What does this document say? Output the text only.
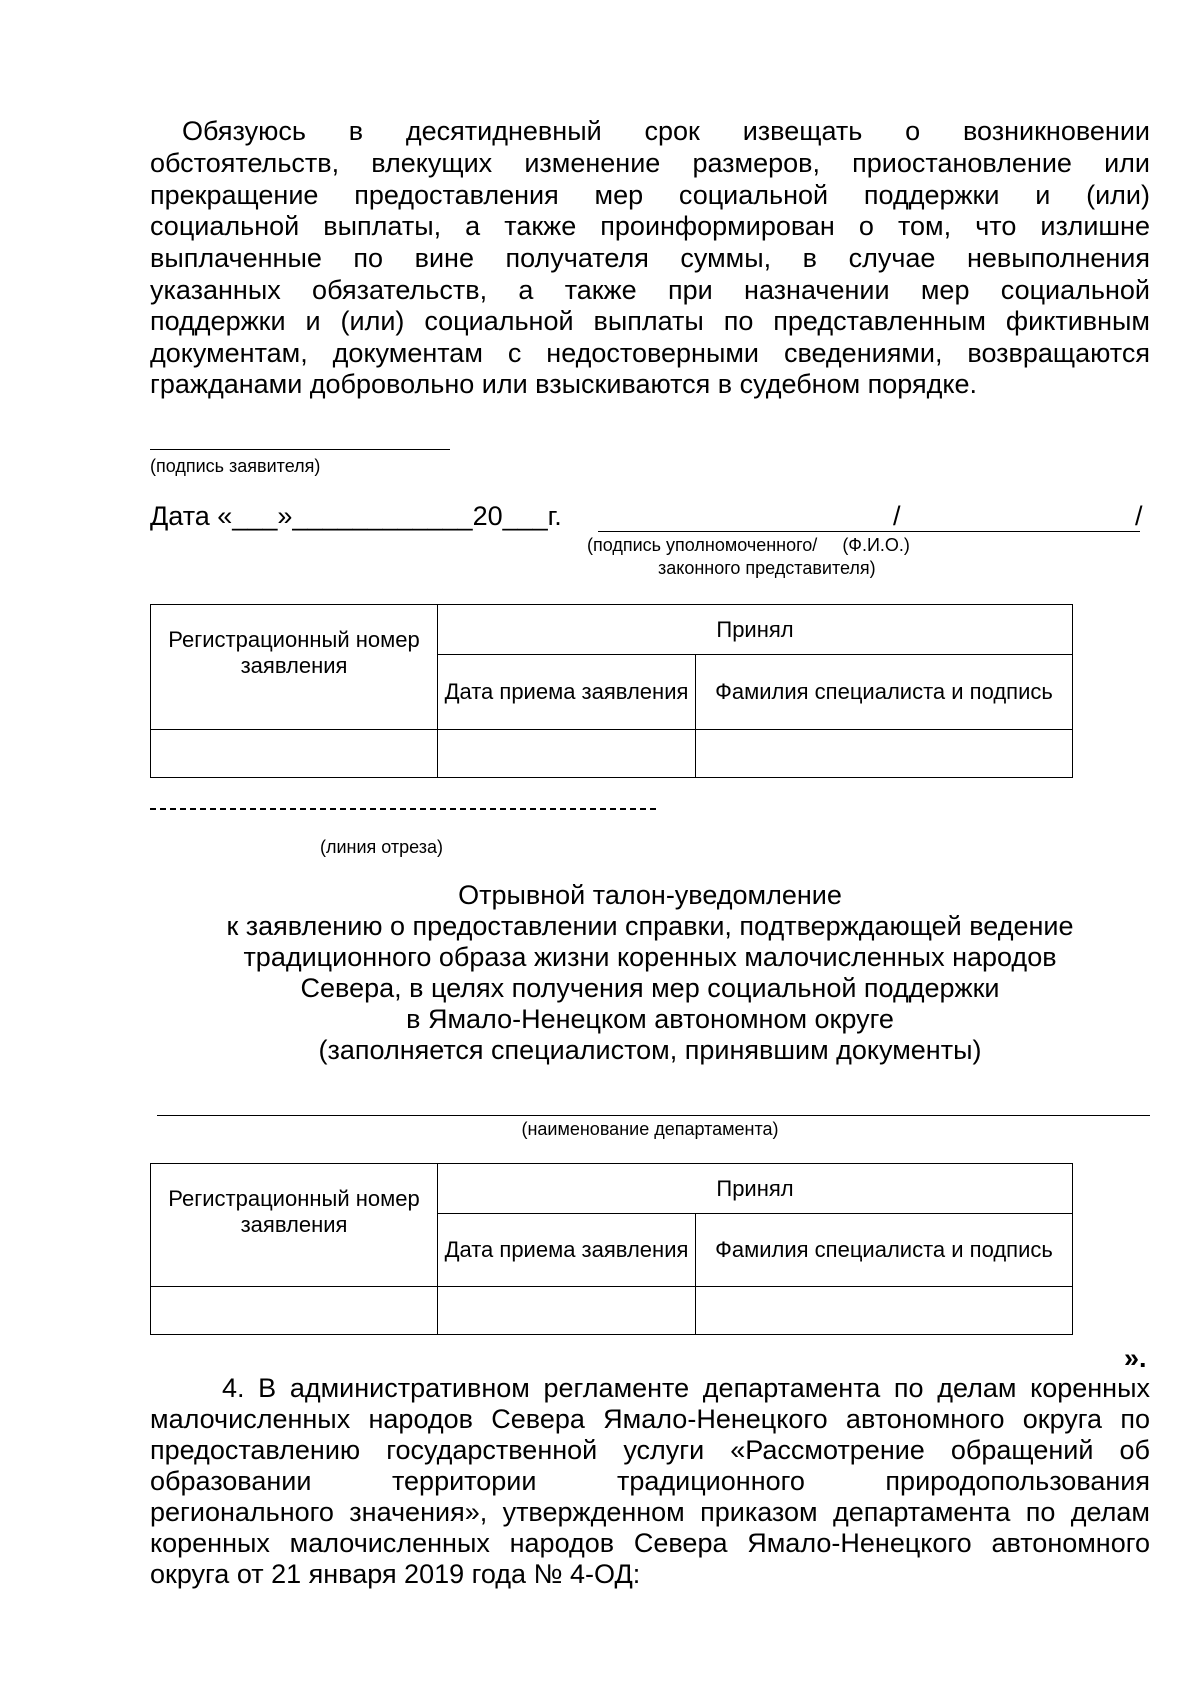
Обязуюсь в десятидневный срок извещать о возникновении
обстоятельств, влекущих изменение размеров, приостановление или
прекращение предоставления мер социальной поддержки и (или)
социальной выплаты, а также проинформирован о том, что излишне
выплаченные по вине получателя суммы, в случае невыполнения
указанных обязательств, а также при назначении мер социальной
поддержки и (или) социальной выплаты по представленным фиктивным
документам, документам с недостоверными сведениями, возвращаются
гражданами добровольно или взыскиваются в судебном порядке.
(подпись заявителя)
Дата «___»____________20___г.	/	/
(подпись уполномоченного/     (Ф.И.О.)
законного представителя)
Регистрационный номер заявления	Принял	
	Дата приема заявления	Фамилия специалиста и подпись

(линия отреза)
Отрывной талон-уведомление
к заявлению о предоставлении справки, подтверждающей ведение
традиционного образа жизни коренных малочисленных народов
Севера, в целях получения мер социальной поддержки
в Ямало-Ненецком автономном округе
(заполняется специалистом, принявшим документы)
(наименование департамента)
Регистрационный номер заявления	Принял	
	Дата приема заявления	Фамилия специалиста и подпись

».
4. В административном регламенте департамента по делам коренных
малочисленных народов Севера Ямало-Ненецкого автономного округа по
предоставлению государственной услуги «Рассмотрение обращений об
образовании территории традиционного природопользования
регионального значения», утвержденном приказом департамента по делам
коренных малочисленных народов Севера Ямало-Ненецкого автономного
округа от 21 января 2019 года № 4-ОД:
